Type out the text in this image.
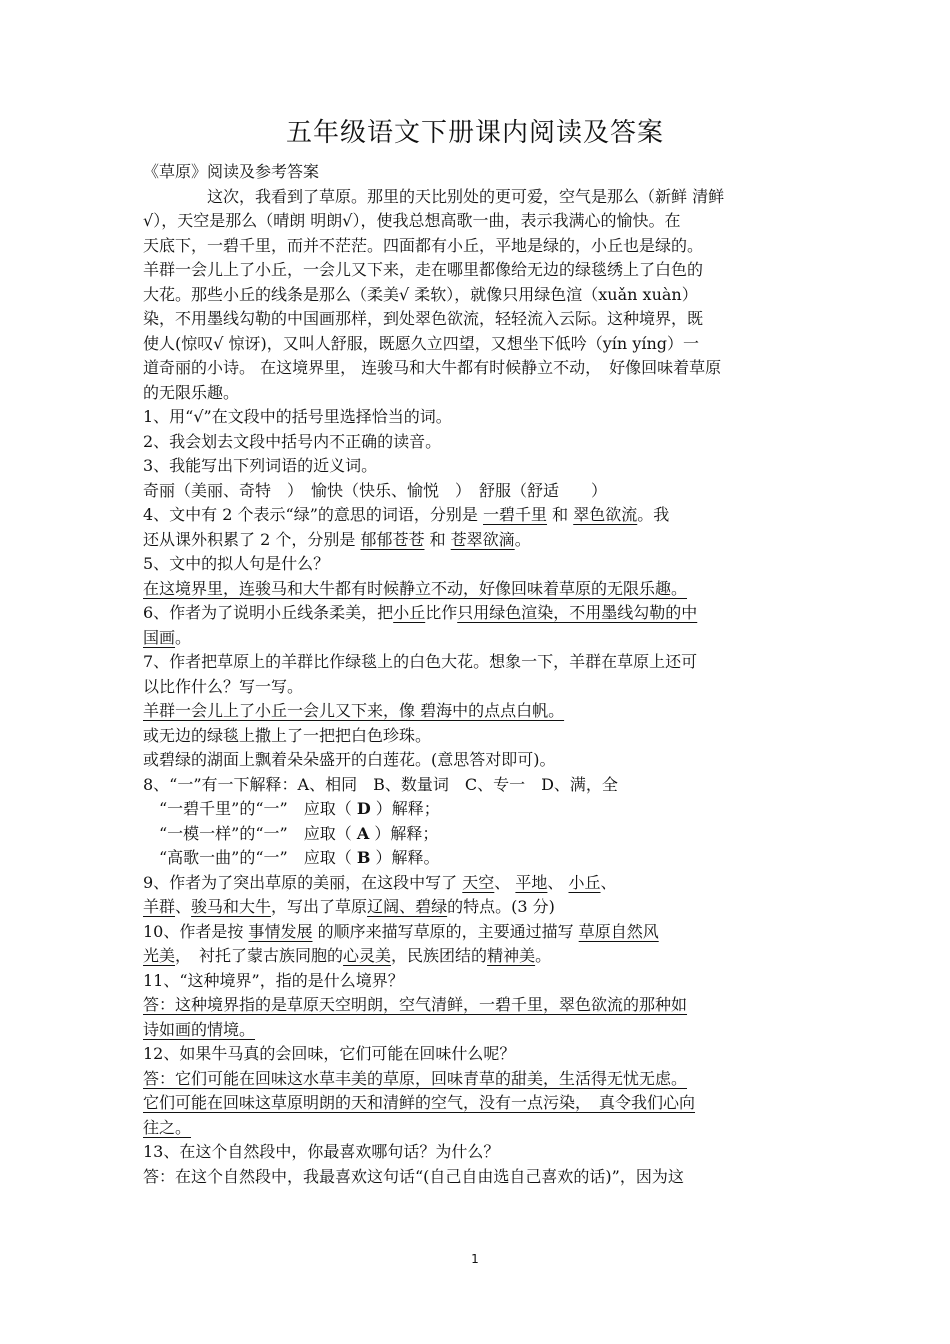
五年级语文下册课内阅读及答案
《草原》阅读及参考答案
这次，我看到了草原。那里的天比别处的更可爱，空气是那么（新鲜 清鲜
√），天空是那么（晴朗 明朗√），使我总想高歌一曲，表示我满心的愉快。在
天底下，一碧千里，而并不茫茫。四面都有小丘，平地是绿的，小丘也是绿的。
羊群一会儿上了小丘，一会儿又下来，走在哪里都像给无边的绿毯绣上了白色的
大花。那些小丘的线条是那么（柔美√ 柔软），就像只用绿色渲（xuǎn xuàn）
染，不用墨线勾勒的中国画那样，到处翠色欲流，轻轻流入云际。这种境界，既
使人(惊叹√ 惊讶)，又叫人舒服，既愿久立四望，又想坐下低吟（yín yíng）一
道奇丽的小诗。 在这境界里， 连骏马和大牛都有时候静立不动，　好像回味着草原
的无限乐趣。
1、用“√”在文段中的括号里选择恰当的词。
2、我会划去文段中括号内不正确的读音。
3、我能写出下列词语的近义词。
奇丽（美丽、奇特　）　愉快（快乐、愉悦　）　舒服（舒适　　）
4、文中有 2 个表示“绿”的意思的词语，分别是 一碧千里 和 翠色欲流。我
还从课外积累了 2 个，分别是 郁郁苍苍 和 苍翠欲滴。
5、文中的拟人句是什么？
在这境界里，连骏马和大牛都有时候静立不动，好像回味着草原的无限乐趣。
6、作者为了说明小丘线条柔美，把小丘比作只用绿色渲染，不用墨线勾勒的中
国画。
7、作者把草原上的羊群比作绿毯上的白色大花。想象一下，羊群在草原上还可
以比作什么？写一写。
羊群一会儿上了小丘一会儿又下来，像 碧海中的点点白帆。
或无边的绿毯上撒上了一把把白色珍珠。
或碧绿的湖面上飘着朵朵盛开的白莲花。(意思答对即可)。
8、“一”有一下解释：A、相同　B、数量词　C、专一　D、满，全
“一碧千里”的“一”　应取（ D ）解释；
“一模一样”的“一”　应取（ A ）解释；
“高歌一曲”的“一”　应取（ B ）解释。
9、作者为了突出草原的美丽，在这段中写了 天空、 平地、 小丘、
羊群、骏马和大牛，写出了草原辽阔、碧绿的特点。(3 分)
10、作者是按 事情发展 的顺序来描写草原的，主要通过描写 草原自然风
光美，　衬托了蒙古族同胞的心灵美，民族团结的精神美。
11、“这种境界”，指的是什么境界？
答：这种境界指的是草原天空明朗，空气清鲜，一碧千里，翠色欲流的那种如
诗如画的情境。
12、如果牛马真的会回味，它们可能在回味什么呢？
答：它们可能在回味这水草丰美的草原，回味青草的甜美，生活得无忧无虑。
它们可能在回味这草原明朗的天和清鲜的空气，没有一点污染，　真令我们心向
往之。
13、在这个自然段中，你最喜欢哪句话？为什么？
答：在这个自然段中，我最喜欢这句话“(自己自由选自己喜欢的话)”，因为这
1
